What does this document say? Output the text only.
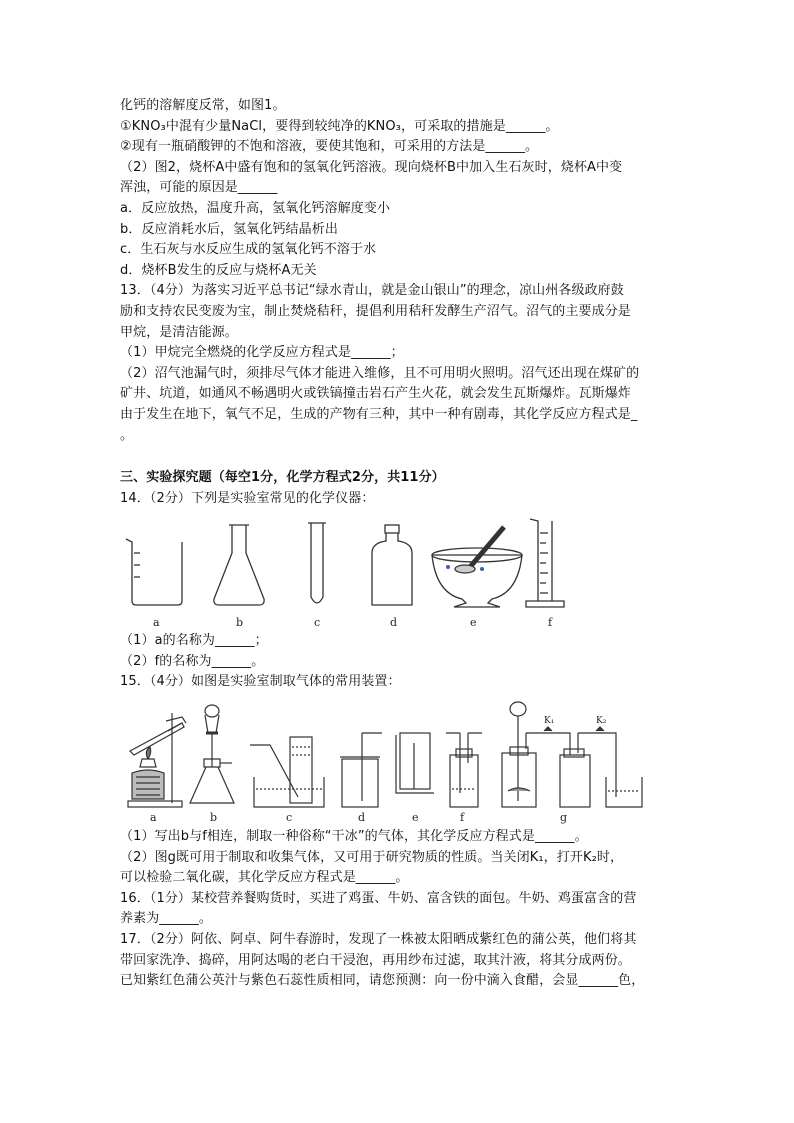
化钙的溶解度反常，如图1。
①KNO₃中混有少量NaCl，要得到较纯净的KNO₃，可采取的措施是______。
②现有一瓶硝酸钾的不饱和溶液，要使其饱和，可采用的方法是______。
（2）图2，烧杯A中盛有饱和的氢氧化钙溶液。现向烧杯B中加入生石灰时，烧杯A中变
浑浊，可能的原因是______
a．反应放热，温度升高，氢氧化钙溶解度变小
b．反应消耗水后，氢氧化钙结晶析出
c．生石灰与水反应生成的氢氧化钙不溶于水
d．烧杯B发生的反应与烧杯A无关
13．（4分）为落实习近平总书记“绿水青山，就是金山银山”的理念，凉山州各级政府鼓
励和支持农民变废为宝，制止焚烧秸秆，提倡利用秸秆发酵生产沼气。沼气的主要成分是
甲烷，是清洁能源。
（1）甲烷完全燃烧的化学反应方程式是______；
（2）沼气池漏气时，须排尽气体才能进入维修，且不可用明火照明。沼气还出现在煤矿的
矿井、坑道，如通风不畅遇明火或铁镐撞击岩石产生火花，就会发生瓦斯爆炸。瓦斯爆炸
由于发生在地下，氧气不足，生成的产物有三种，其中一种有剧毒，其化学反应方程式是_
。
三、实验探究题（每空1分，化学方程式2分，共11分）
14．（2分）下列是实验室常见的化学仪器：
a	b	c	d	e	f
（1）a的名称为______；
（2）f的名称为______。
15．（4分）如图是实验室制取气体的常用装置：
K₁	K₂
a	b	c	d	e	f	g
（1）写出b与f相连，制取一种俗称“干冰”的气体，其化学反应方程式是______。
（2）图g既可用于制取和收集气体，又可用于研究物质的性质。当关闭K₁，打开K₂时，
可以检验二氧化碳，其化学反应方程式是______。
16．（1分）某校营养餐购货时，买进了鸡蛋、牛奶、富含铁的面包。牛奶、鸡蛋富含的营
养素为______。
17．（2分）阿依、阿卓、阿牛春游时，发现了一株被太阳晒成紫红色的蒲公英，他们将其
带回家洗净、捣碎，用阿达喝的老白干浸泡，再用纱布过滤，取其汁液，将其分成两份。
已知紫红色蒲公英汁与紫色石蕊性质相同，请您预测：向一份中滴入食醋，会显______色，
